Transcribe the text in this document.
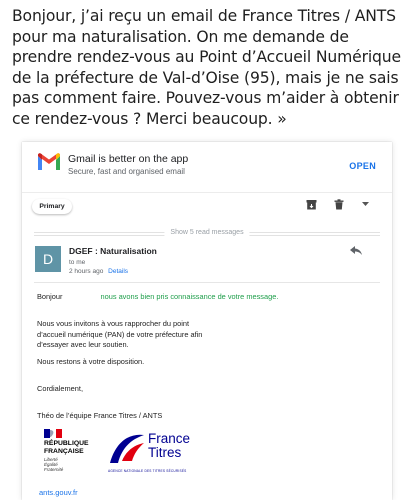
Bonjour, j’ai reçu un email de France Titres / ANTS pour ma naturalisation. On me demande de prendre rendez-vous au Point d’Accueil Numérique de la préfecture de Val-d’Oise (95), mais je ne sais pas comment faire. Pouvez-vous m’aider à obtenir ce rendez-vous ? Merci beaucoup. »
Gmail is better on the app
Secure, fast and organised email
OPEN
Primary
Show 5 read messages
D	DGEF : Naturalisation
to me
2 hours ago Details
Bonjour	nous avons bien pris connaissance de votre message.
Nous vous invitons à vous rapprocher du point d’accueil numérique (PAN) de votre préfecture afin d’essayer avec leur soutien.
Nous restons à votre disposition.
Cordialement,
Théo de l’équipe France Titres / ANTS
RÉPUBLIQUE FRANÇAISE
Liberté Égalité Fraternité
France
Titres
AGENCE NATIONALE DES TITRES SÉCURISÉS
ants.gouv.fr
